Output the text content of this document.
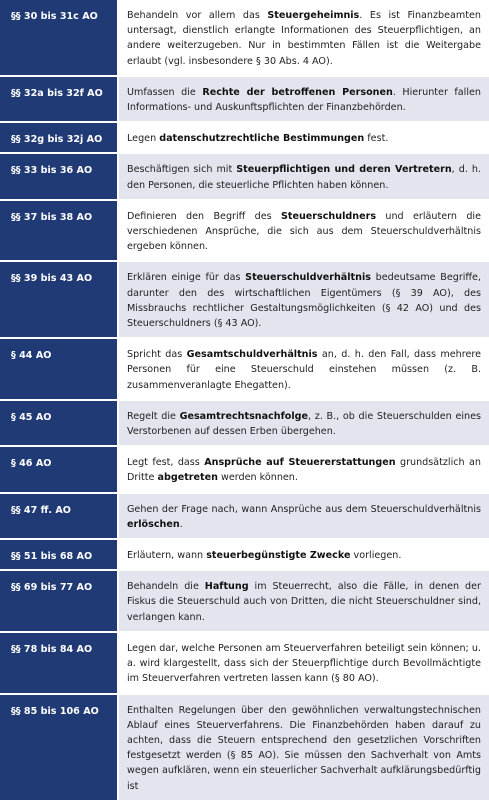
§§ 30 bis 31c AO	Behandeln vor allem das Steuergeheimnis. Es ist Finanzbeamten untersagt, dienstlich erlangte Informationen des Steuerpflichtigen, an andere weiterzugeben. Nur in bestimmten Fällen ist die Weitergabe erlaubt (vgl. insbesondere § 30 Abs. 4 AO).
§§ 32a bis 32f AO	Umfassen die Rechte der betroffenen Personen. Hierunter fallen Informations- und Auskunftspflichten der Finanzbehörden.
§§ 32g bis 32j AO	Legen datenschutzrechtliche Bestimmungen fest.
§§ 33 bis 36 AO	Beschäftigen sich mit Steuerpflichtigen und deren Vertretern, d. h. den Personen, die steuerliche Pflichten haben können.
§§ 37 bis 38 AO	Definieren den Begriff des Steuerschuldners und erläutern die verschiedenen Ansprüche, die sich aus dem Steuerschuldverhältnis ergeben können.
§§ 39 bis 43 AO	Erklären einige für das Steuerschuldverhältnis bedeutsame Begriffe, darunter den des wirtschaftlichen Eigentümers (§ 39 AO), des Missbrauchs rechtlicher Gestaltungsmöglichkeiten (§ 42 AO) und des Steuerschuldners (§ 43 AO).
§ 44 AO	Spricht das Gesamtschuldverhältnis an, d. h. den Fall, dass mehrere Personen für eine Steuerschuld einstehen müssen (z. B. zusammenveranlagte Ehegatten).
§ 45 AO	Regelt die Gesamtrechtsnachfolge, z. B., ob die Steuerschulden eines Verstorbenen auf dessen Erben übergehen.
§ 46 AO	Legt fest, dass Ansprüche auf Steuererstattungen grundsätzlich an Dritte abgetreten werden können.
§§ 47 ff. AO	Gehen der Frage nach, wann Ansprüche aus dem Steuerschuldverhältnis erlöschen.
§§ 51 bis 68 AO	Erläutern, wann steuerbegünstigte Zwecke vorliegen.
§§ 69 bis 77 AO	Behandeln die Haftung im Steuerrecht, also die Fälle, in denen der Fiskus die Steuerschuld auch von Dritten, die nicht Steuerschuldner sind, verlangen kann.
§§ 78 bis 84 AO	Legen dar, welche Personen am Steuerverfahren beteiligt sein können; u. a. wird klargestellt, dass sich der Steuerpflichtige durch Bevollmächtigte im Steuerverfahren vertreten lassen kann (§ 80 AO).
§§ 85 bis 106 AO	Enthalten Regelungen über den gewöhnlichen verwaltungstechnischen Ablauf eines Steuerverfahrens. Die Finanzbehörden haben darauf zu achten, dass die Steuern entsprechend den gesetzlichen Vorschriften festgesetzt werden (§ 85 AO). Sie müssen den Sachverhalt von Amts wegen aufklären, wenn ein steuerlicher Sachverhalt aufklärungsbedürftig ist
